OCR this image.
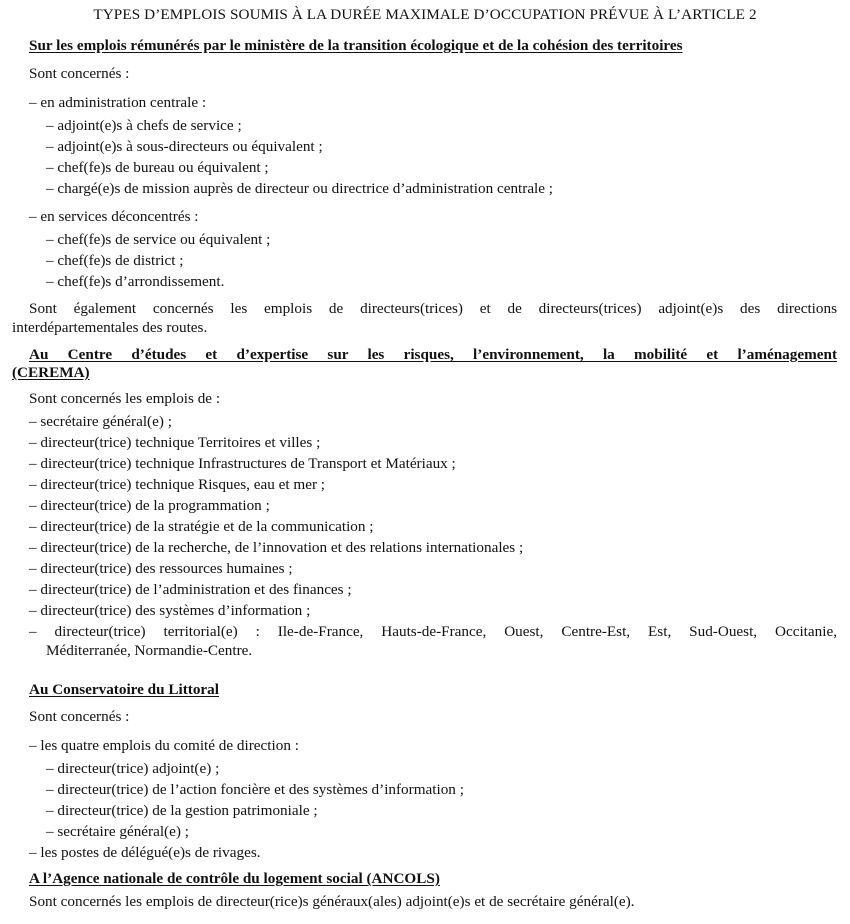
TYPES D’EMPLOIS SOUMIS À LA DURÉE MAXIMALE D’OCCUPATION PRÉVUE À L’ARTICLE 2
Sur les emplois rémunérés par le ministère de la transition écologique et de la cohésion des territoires
Sont concernés :
– en administration centrale :
– adjoint(e)s à chefs de service ;
– adjoint(e)s à sous-directeurs ou équivalent ;
– chef(fe)s de bureau ou équivalent ;
– chargé(e)s de mission auprès de directeur ou directrice d’administration centrale ;
– en services déconcentrés :
– chef(fe)s de service ou équivalent ;
– chef(fe)s de district ;
– chef(fe)s d’arrondissement.
Sont également concernés les emplois de directeurs(trices) et de directeurs(trices) adjoint(e)s des directions
interdépartementales des routes.
Au Centre d’études et d’expertise sur les risques, l’environnement, la mobilité et l’aménagement
(CEREMA)
Sont concernés les emplois de :
– secrétaire général(e) ;
– directeur(trice) technique Territoires et villes ;
– directeur(trice) technique Infrastructures de Transport et Matériaux ;
– directeur(trice) technique Risques, eau et mer ;
– directeur(trice) de la programmation ;
– directeur(trice) de la stratégie et de la communication ;
– directeur(trice) de la recherche, de l’innovation et des relations internationales ;
– directeur(trice) des ressources humaines ;
– directeur(trice) de l’administration et des finances ;
– directeur(trice) des systèmes d’information ;
– directeur(trice) territorial(e) : Ile-de-France, Hauts-de-France, Ouest, Centre-Est, Est, Sud-Ouest, Occitanie,
Méditerranée, Normandie-Centre.
Au Conservatoire du Littoral
Sont concernés :
– les quatre emplois du comité de direction :
– directeur(trice) adjoint(e) ;
– directeur(trice) de l’action foncière et des systèmes d’information ;
– directeur(trice) de la gestion patrimoniale ;
– secrétaire général(e) ;
– les postes de délégué(e)s de rivages.
A l’Agence nationale de contrôle du logement social (ANCOLS)
Sont concernés les emplois de directeur(rice)s généraux(ales) adjoint(e)s et de secrétaire général(e).
